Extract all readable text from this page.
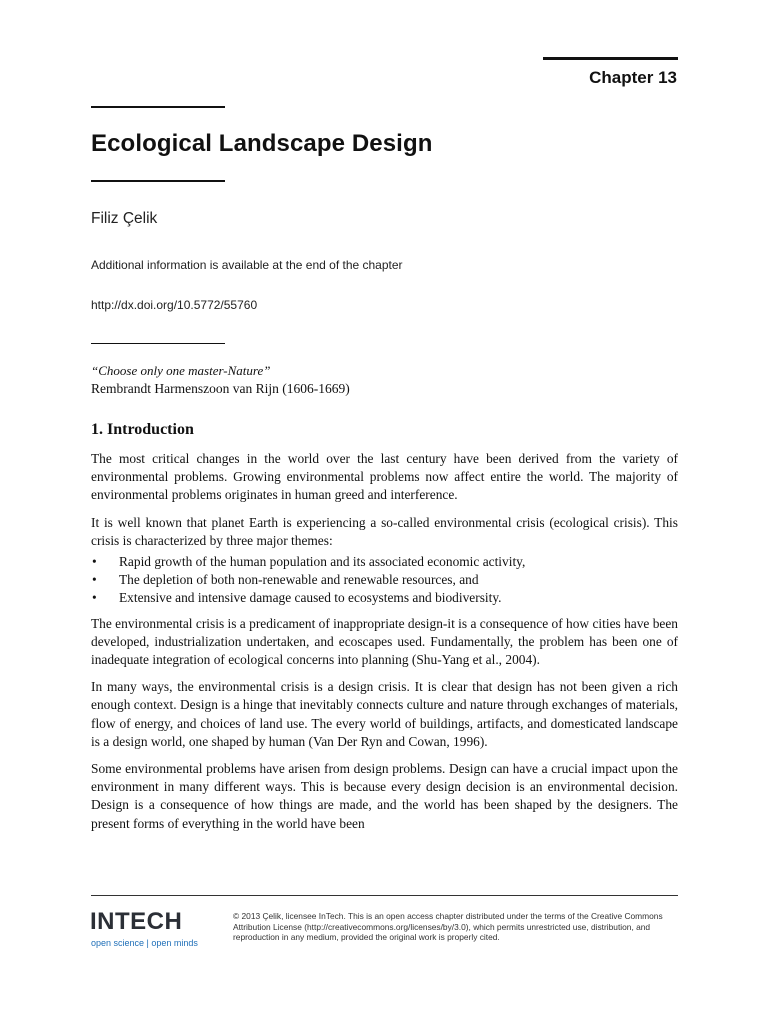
Chapter 13
Ecological Landscape Design
Filiz Çelik
Additional information is available at the end of the chapter
http://dx.doi.org/10.5772/55760
“Choose only one master-Nature”
Rembrandt Harmenszoon van Rijn (1606-1669)
1. Introduction

The most critical changes in the world over the last century have been derived from the variety of environmental problems. Growing environmental problems now affect entire the world. The majority of environmental problems originates in human greed and interference.

It is well known that planet Earth is experiencing a so-called environmental crisis (ecological crisis). This crisis is characterized by three major themes:

• Rapid growth of the human population and its associated economic activity,
• The depletion of both non-renewable and renewable resources, and
• Extensive and intensive damage caused to ecosystems and biodiversity.

The environmental crisis is a predicament of inappropriate design-it is a consequence of how cities have been developed, industrialization undertaken, and ecoscapes used. Fundamentally, the problem has been one of inadequate integration of ecological concerns into planning (Shu-Yang et al., 2004).

In many ways, the environmental crisis is a design crisis. It is clear that design has not been given a rich enough context. Design is a hinge that inevitably connects culture and nature through exchanges of materials, flow of energy, and choices of land use. The every world of buildings, artifacts, and domesticated landscape is a design world, one shaped by human (Van Der Ryn and Cowan, 1996).

Some environmental problems have arisen from design problems. Design can have a crucial impact upon the environment in many different ways. This is because every design decision is an environmental decision. Design is a consequence of how things are made, and the world has been shaped by the designers. The present forms of everything in the world have been

INTECH
open science | open minds
© 2013 Çelik, licensee InTech. This is an open access chapter distributed under the terms of the Creative Commons Attribution License (http://creativecommons.org/licenses/by/3.0), which permits unrestricted use, distribution, and reproduction in any medium, provided the original work is properly cited.
